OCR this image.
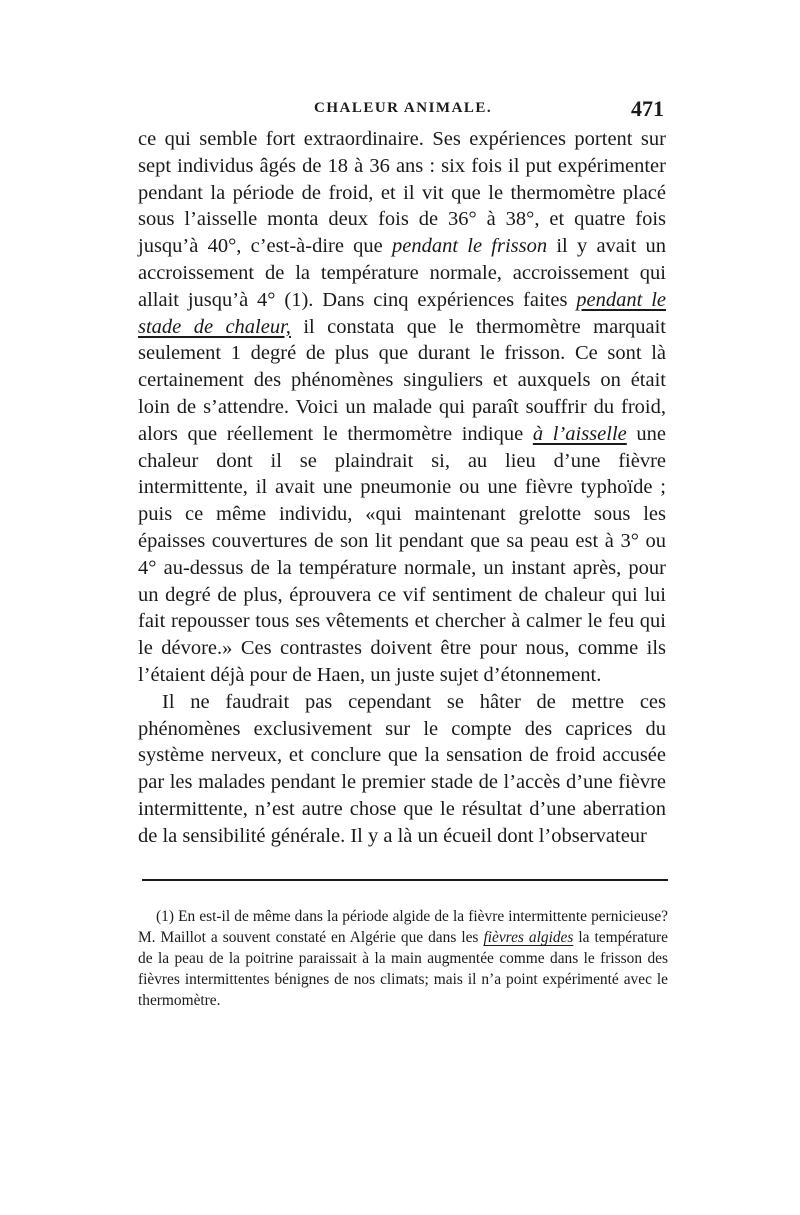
CHALEUR ANIMALE.	471

ce qui semble fort extraordinaire. Ses expériences portent sur sept individus âgés de 18 à 36 ans : six fois il put expérimenter pendant la période de froid, et il vit que le thermomètre placé sous l’aisselle monta deux fois de 36° à 38°, et quatre fois jusqu’à 40°, c’est-à-dire que pendant le frisson il y avait un accroissement de la température normale, accroissement qui allait jusqu’à 4° (1). Dans cinq expériences faites pendant le stade de chaleur, il constata que le thermomètre marquait seulement 1 degré de plus que durant le frisson. Ce sont là certainement des phénomènes singuliers et auxquels on était loin de s’attendre. Voici un malade qui paraît souffrir du froid, alors que réellement le thermomètre indique à l’aisselle une chaleur dont il se plaindrait si, au lieu d’une fièvre intermittente, il avait une pneumonie ou une fièvre typhoïde ; puis ce même individu, «qui maintenant grelotte sous les épaisses couvertures de son lit pendant que sa peau est à 3° ou 4° au-dessus de la température normale, un instant après, pour un degré de plus, éprouvera ce vif sentiment de chaleur qui lui fait repousser tous ses vêtements et chercher à calmer le feu qui le dévore.» Ces contrastes doivent être pour nous, comme ils l’étaient déjà pour de Haen, un juste sujet d’étonnement.

Il ne faudrait pas cependant se hâter de mettre ces phénomènes exclusivement sur le compte des caprices du système nerveux, et conclure que la sensation de froid accusée par les malades pendant le premier stade de l’accès d’une fièvre intermittente, n’est autre chose que le résultat d’une aberration de la sensibilité générale. Il y a là un écueil dont l’observateur

(1) En est-il de même dans la période algide de la fièvre intermittente pernicieuse? M. Maillot a souvent constaté en Algérie que dans les fièvres algides la température de la peau de la poitrine paraissait à la main augmentée comme dans le frisson des fièvres intermittentes bénignes de nos climats; mais il n’a point expérimenté avec le thermomètre.
